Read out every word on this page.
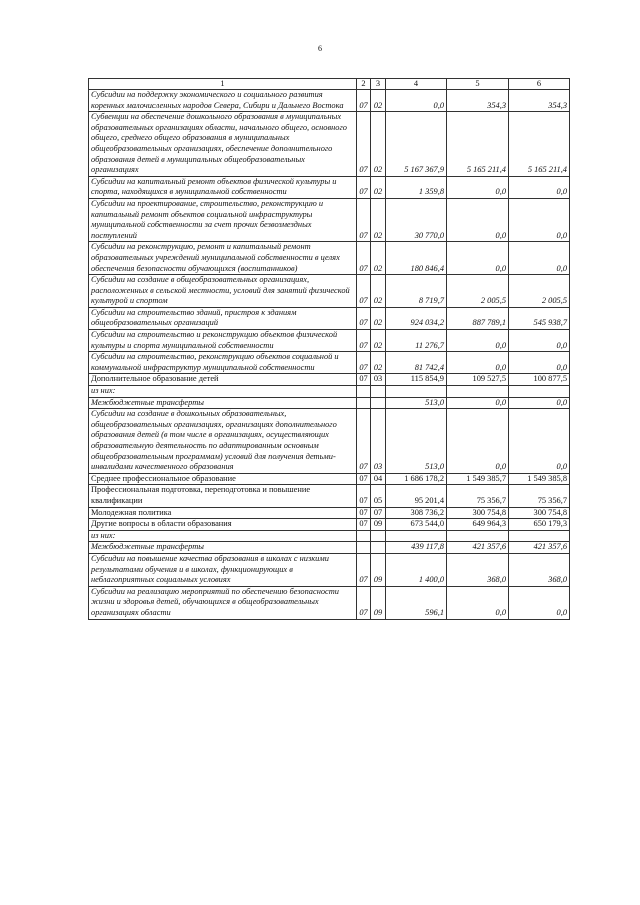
6
1	2	3	4	5	6
Субсидии на поддержку экономического и социального развития коренных малочисленных народов Севера, Сибири и Дальнего Востока	07	02	0,0	354,3	354,3
Субвенции на обеспечение дошкольного образования в муниципальных образовательных организациях области, начального общего, основного общего, среднего общего образования в муниципальных общеобразовательных организациях, обеспечение дополнительного образования детей в муниципальных общеобразовательных организациях	07	02	5 167 367,9	5 165 211,4	5 165 211,4
Субсидии на капитальный ремонт объектов физической культуры и спорта, находящихся в муниципальной собственности	07	02	1 359,8	0,0	0,0
Субсидии на проектирование, строительство, реконструкцию и капитальный ремонт объектов социальной инфраструктуры муниципальной собственности за счет прочих безвозмездных поступлений	07	02	30 770,0	0,0	0,0
Субсидии на реконструкцию, ремонт и капитальный ремонт образовательных учреждений муниципальной собственности в целях обеспечения безопасности обучающихся (воспитанников)	07	02	180 846,4	0,0	0,0
Субсидии на создание в общеобразовательных организациях, расположенных в сельской местности, условий для занятий физической культурой и спортом	07	02	8 719,7	2 005,5	2 005,5
Субсидии на строительство зданий, пристроя к зданиям общеобразовательных организаций	07	02	924 034,2	887 789,1	545 938,7
Субсидии на строительство и реконструкцию объектов физической культуры и спорта муниципальной собственности	07	02	11 276,7	0,0	0,0
Субсидии на строительство, реконструкцию объектов социальной и коммунальной инфраструктур муниципальной собственности	07	02	81 742,4	0,0	0,0
Дополнительное образование детей	07	03	115 854,9	109 527,5	100 877,5
из них:					
Межбюджетные трансферты			513,0	0,0	0,0
Субсидии на создание в дошкольных образовательных, общеобразовательных организациях, организациях дополнительного образования детей (в том числе в организациях, осуществляющих образовательную деятельность по адаптированным основным общеобразовательным программам) условий для получения детьми-инвалидами качественного образования	07	03	513,0	0,0	0,0
Среднее профессиональное образование	07	04	1 686 178,2	1 549 385,7	1 549 385,8
Профессиональная подготовка, переподготовка и повышение квалификации	07	05	95 201,4	75 356,7	75 356,7
Молодежная политика	07	07	308 736,2	300 754,8	300 754,8
Другие вопросы в области образования	07	09	673 544,0	649 964,3	650 179,3
из них:					
Межбюджетные трансферты			439 117,8	421 357,6	421 357,6
Субсидии на повышение качества образования в школах с низкими результатами обучения и в школах, функционирующих в неблагоприятных социальных условиях	07	09	1 400,0	368,0	368,0
Субсидии на реализацию мероприятий по обеспечению безопасности жизни и здоровья детей, обучающихся в общеобразовательных организациях области	07	09	596,1	0,0	0,0
